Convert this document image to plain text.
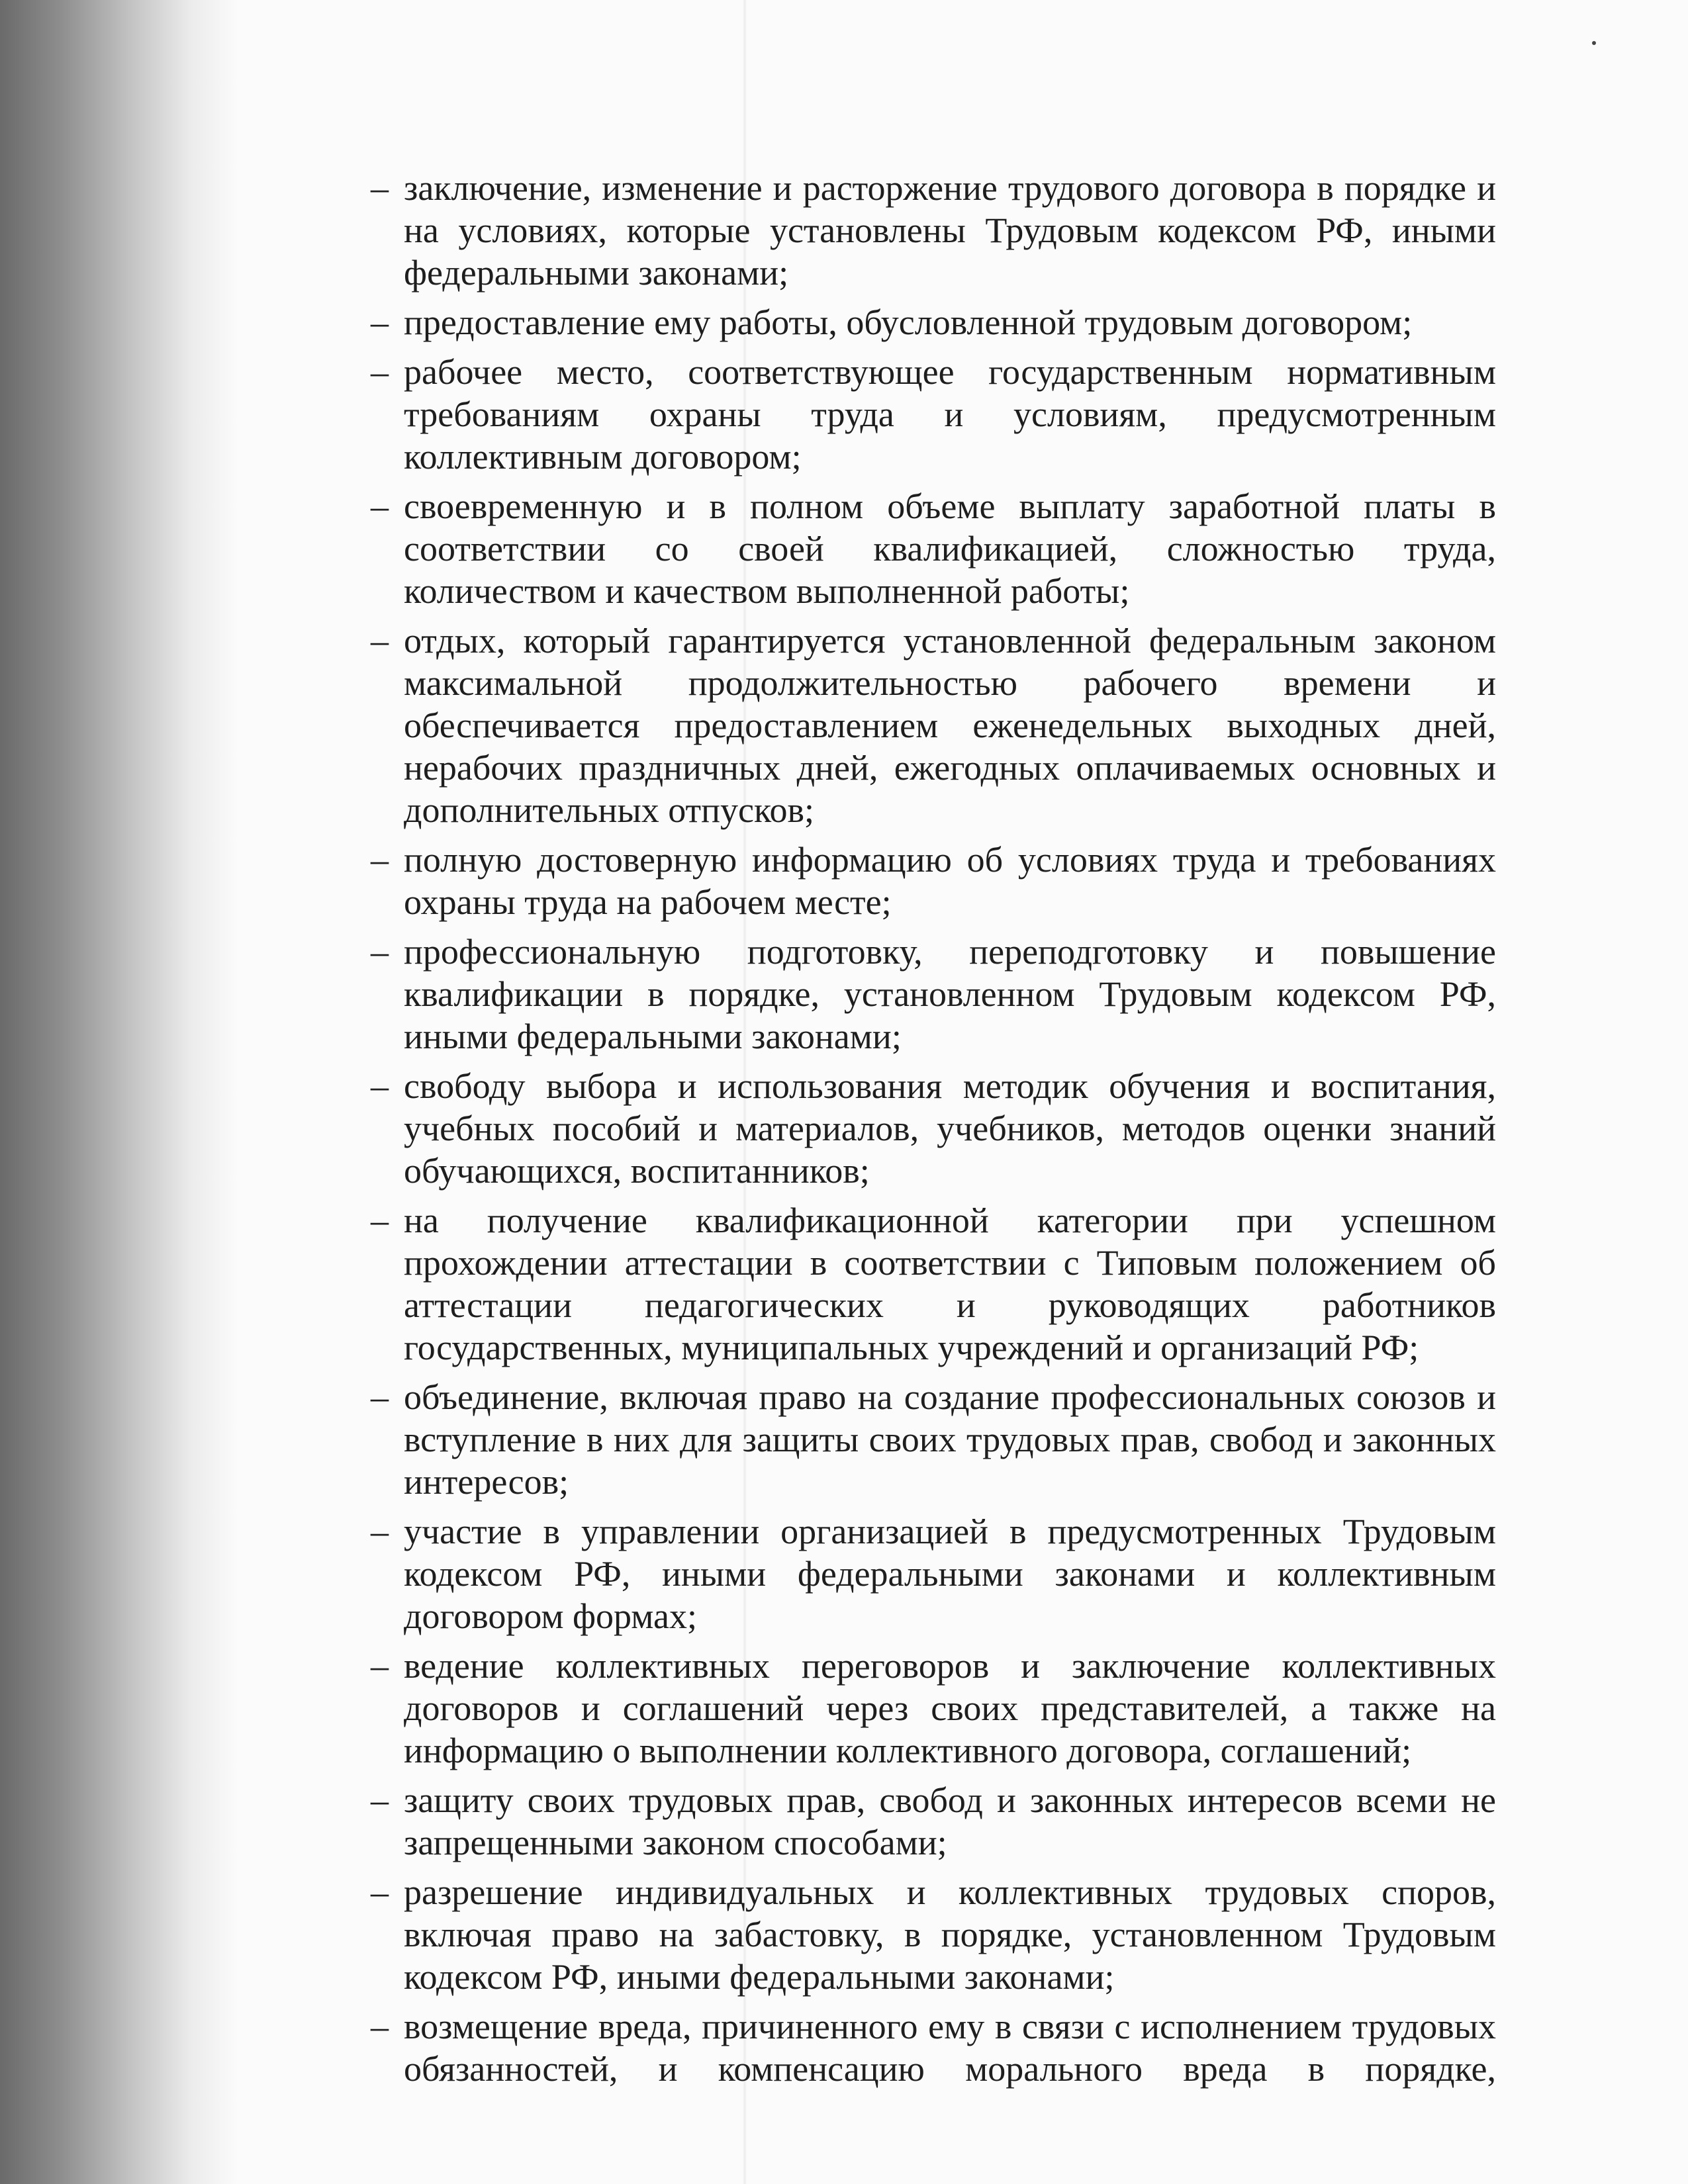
– заключение, изменение и расторжение трудового договора в порядке и
на условиях, которые установлены Трудовым кодексом РФ, иными
федеральными законами;
– предоставление ему работы, обусловленной трудовым договором;
– рабочее место, соответствующее государственным нормативным
требованиям охраны труда и условиям, предусмотренным
коллективным договором;
– своевременную и в полном объеме выплату заработной платы в
соответствии со своей квалификацией, сложностью труда,
количеством и качеством выполненной работы;
– отдых, который гарантируется установленной федеральным законом
максимальной продолжительностью рабочего времени и
обеспечивается предоставлением еженедельных выходных дней,
нерабочих праздничных дней, ежегодных оплачиваемых основных и
дополнительных отпусков;
– полную достоверную информацию об условиях труда и требованиях
охраны труда на рабочем месте;
– профессиональную подготовку, переподготовку и повышение
квалификации в порядке, установленном Трудовым кодексом РФ,
иными федеральными законами;
– свободу выбора и использования методик обучения и воспитания,
учебных пособий и материалов, учебников, методов оценки знаний
обучающихся, воспитанников;
– на получение квалификационной категории при успешном
прохождении аттестации в соответствии с Типовым положением об
аттестации педагогических и руководящих работников
государственных, муниципальных учреждений и организаций РФ;
– объединение, включая право на создание профессиональных союзов и
вступление в них для защиты своих трудовых прав, свобод и законных
интересов;
– участие в управлении организацией в предусмотренных Трудовым
кодексом РФ, иными федеральными законами и коллективным
договором формах;
– ведение коллективных переговоров и заключение коллективных
договоров и соглашений через своих представителей, а также на
информацию о выполнении коллективного договора, соглашений;
– защиту своих трудовых прав, свобод и законных интересов всеми не
запрещенными законом способами;
– разрешение индивидуальных и коллективных трудовых споров,
включая право на забастовку, в порядке, установленном Трудовым
кодексом РФ, иными федеральными законами;
– возмещение вреда, причиненного ему в связи с исполнением трудовых
обязанностей, и компенсацию морального вреда в порядке,
